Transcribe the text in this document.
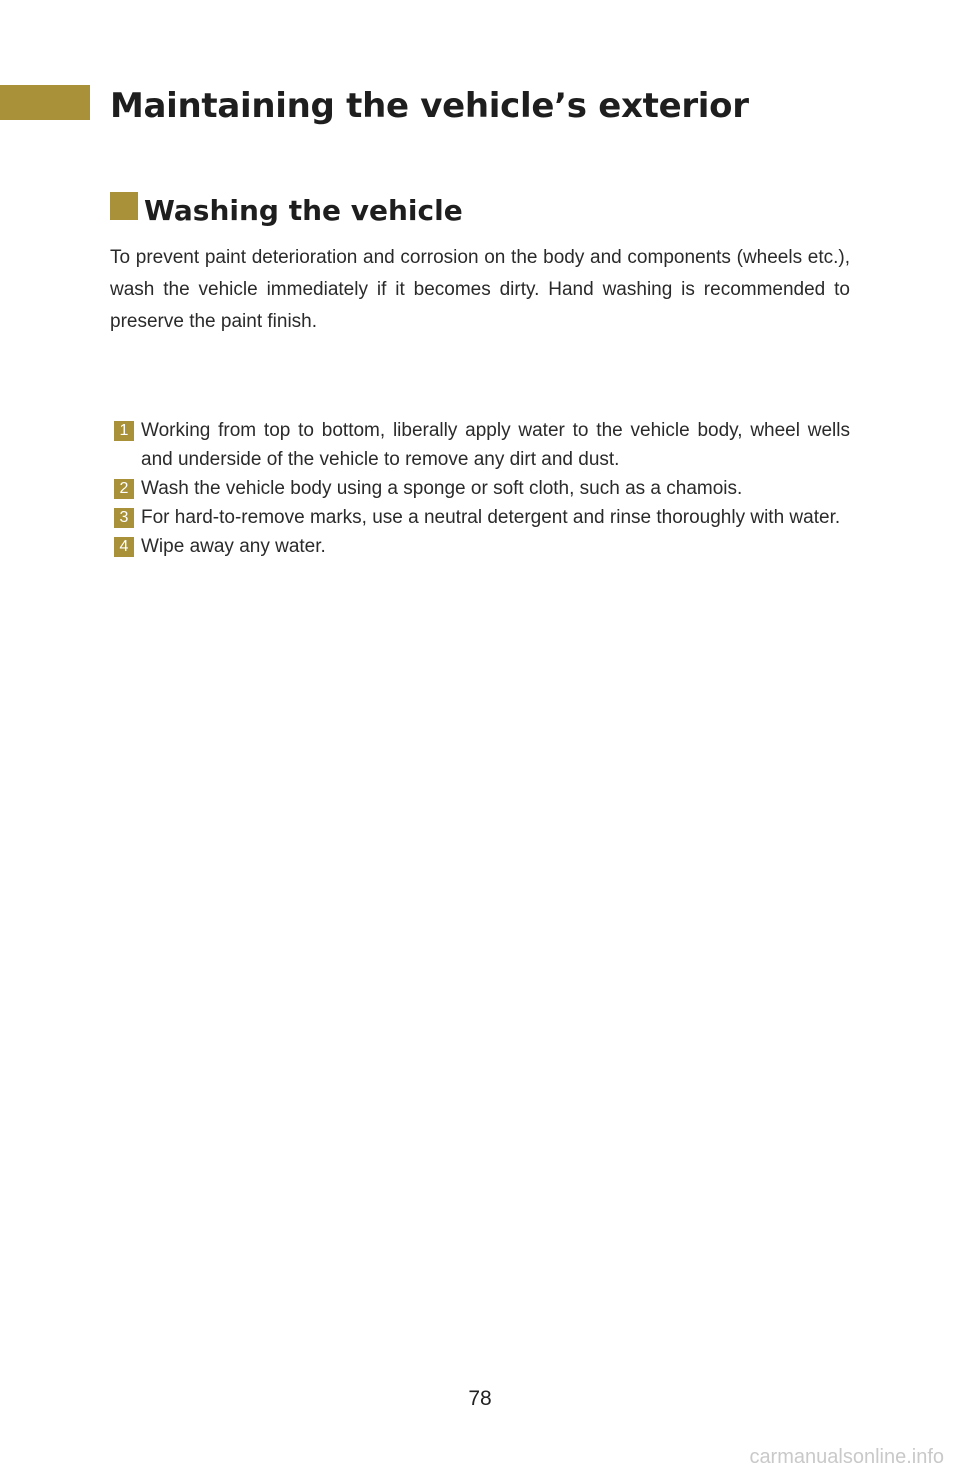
Maintaining the vehicle’s exterior
Washing the vehicle

To prevent paint deterioration and corrosion on the body and components (wheels etc.), wash the vehicle immediately if it becomes dirty. Hand washing is recommended to preserve the paint finish.

1 Working from top to bottom, liberally apply water to the vehicle body, wheel wells and underside of the vehicle to remove any dirt and dust.
2 Wash the vehicle body using a sponge or soft cloth, such as a chamois.
3 For hard-to-remove marks, use a neutral detergent and rinse thoroughly with water.
4 Wipe away any water.
78
carmanualsonline.info
